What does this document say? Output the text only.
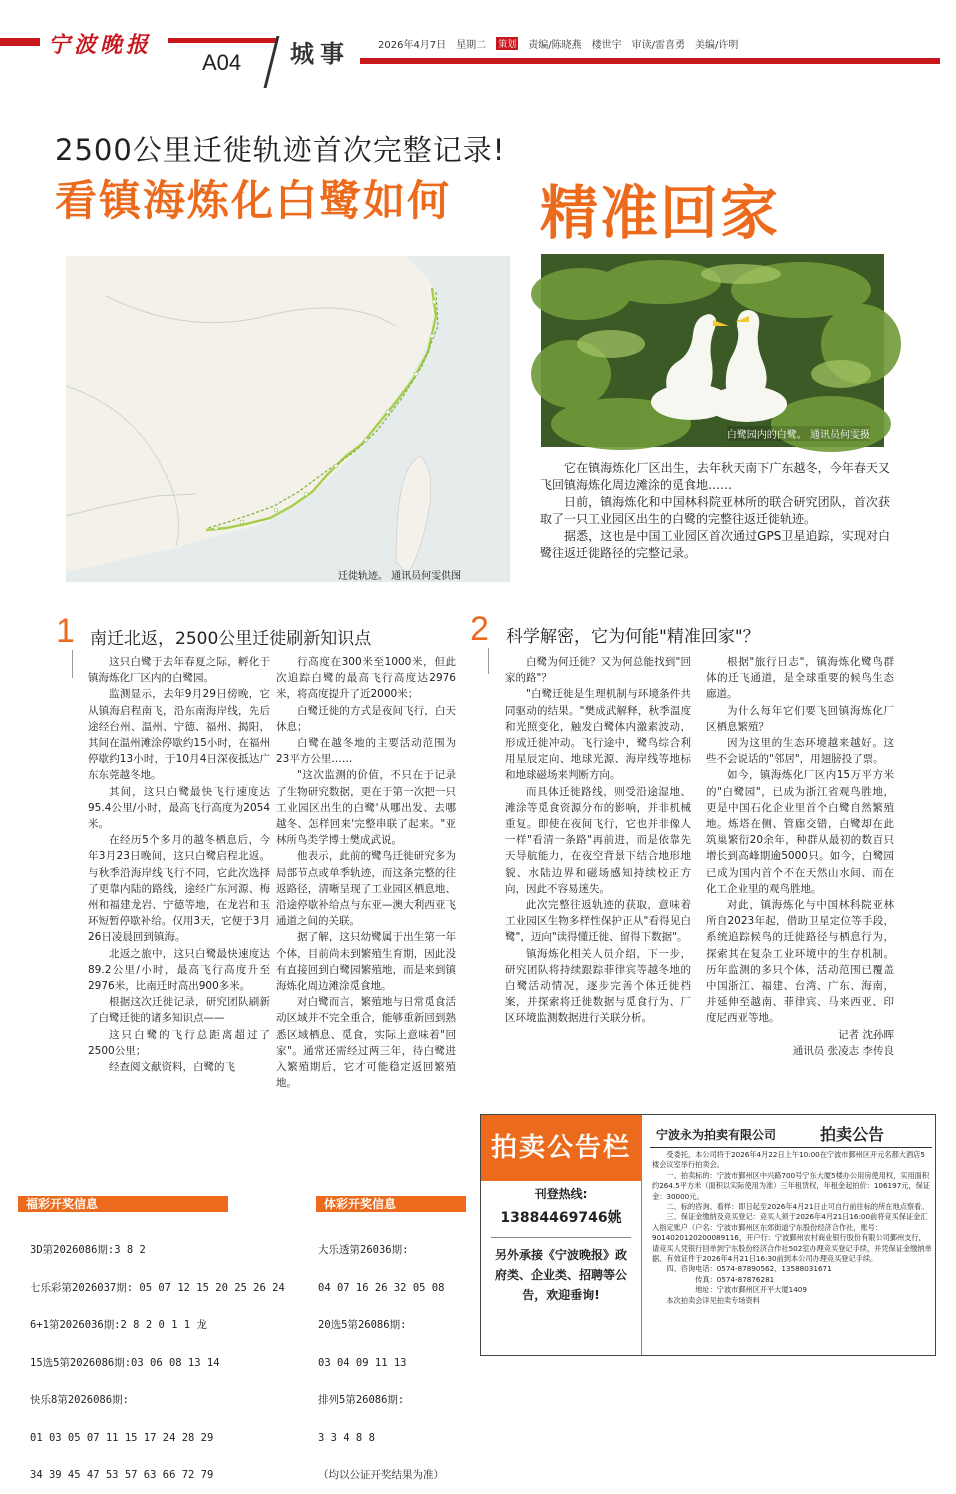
宁波晚报
A04 城事	2026年4月7日 星期二 策划 责编/陈晓燕 楼世宇 审读/雷喜勇 美编/许明
2500公里迁徙轨迹首次完整记录!
看镇海炼化白鹭如何 精准回家
迁徙轨迹。 通讯员何雯供图
白鹭园内的白鹭。 通讯员何雯摄

它在镇海炼化厂区出生，去年秋天南下广东越冬，今年春天又飞回镇海炼化周边滩涂的觅食地……

日前，镇海炼化和中国林科院亚林所的联合研究团队，首次获取了一只工业园区出生的白鹭的完整往返迁徙轨迹。

据悉，这也是中国工业园区首次通过GPS卫星追踪，实现对白鹭往返迁徙路径的完整记录。

1 南迁北返，2500公里迁徙刷新知识点

这只白鹭于去年春夏之际，孵化于镇海炼化厂区内的白鹭园。

监测显示，去年9月29日傍晚，它从镇海启程南飞，沿东南海岸线，先后途经台州、温州、宁德、福州、揭阳，其间在温州滩涂停歇约15小时，在福州停歇约13小时，于10月4日深夜抵达广东东莞越冬地。

其间，这只白鹭最快飞行速度达95.4公里/小时，最高飞行高度为2054米。

在经历5个多月的越冬栖息后，今年3月23日晚间，这只白鹭启程北返。与秋季沿海岸线飞行不同，它此次选择了更靠内陆的路线，途经广东河源、梅州和福建龙岩、宁德等地，在龙岩和玉环短暂停歇补给。仅用3天，它便于3月26日凌晨回到镇海。

北返之旅中，这只白鹭最快速度达89.2公里/小时，最高飞行高度升至2976米，比南迁时高出900多米。

根据这次迁徙记录，研究团队刷新了白鹭迁徙的诸多知识点——

这只白鹭的飞行总距离超过了2500公里；

经查阅文献资料，白鹭的飞

行高度在300米至1000米，但此次追踪白鹭的最高飞行高度达2976米，将高度提升了近2000米；

白鹭迁徙的方式是夜间飞行，白天休息；

白鹭在越冬地的主要活动范围为23平方公里……

"这次监测的价值，不只在于记录了生物研究数据，更在于第一次把一只工业园区出生的白鹭'从哪出发、去哪越冬、怎样回来'完整串联了起来。"亚林所鸟类学博士樊成武说。

他表示，此前的鹭鸟迁徙研究多为局部节点或单季轨迹，而这条完整的往返路径，清晰呈现了工业园区栖息地、沿途停歇补给点与东亚—澳大利西亚飞通道之间的关联。

据了解，这只幼鹭属于出生第一年个体，目前尚未到繁殖生育期，因此没有直接回到白鹭园繁殖地，而是来到镇海炼化周边滩涂觅食地。

对白鹭而言，繁殖地与日常觅食活动区域并不完全重合，能够重新回到熟悉区域栖息、觅食，实际上意味着"回家"。通常还需经过两三年，待白鹭进入繁殖期后，它才可能稳定返回繁殖地。

2 科学解密，它为何能"精准回家"？

白鹭为何迁徙？又为何总能找到"回家的路"？

"白鹭迁徙是生理机制与环境条件共同驱动的结果。"樊成武解释，秋季温度和光照变化，触发白鹭体内激素波动，形成迁徙冲动。飞行途中，鹭鸟综合利用星辰定向、地球光源、海岸线等地标和地球磁场来判断方向。

而具体迁徙路线，则受沿途湿地、滩涂等觅食资源分布的影响，并非机械重复。即使在夜间飞行，它也并非像人一样"看清一条路"再前进，而是依靠先天导航能力，在夜空背景下结合地形地貌、水陆边界和磁场感知持续校正方向，因此不容易迷失。

此次完整往返轨迹的获取，意味着工业园区生物多样性保护正从"看得见白鹭"，迈向"读得懂迁徙、留得下数据"。

镇海炼化相关人员介绍，下一步，研究团队将持续跟踪菲律宾等越冬地的白鹭活动情况，逐步完善个体迁徙档案，并探索将迁徙数据与觅食行为、厂区环境监测数据进行关联分析。

根据"旅行日志"，镇海炼化鹭鸟群体的迁飞通道，是全球重要的候鸟生态廊道。

为什么每年它们要飞回镇海炼化厂区栖息繁殖？

因为这里的生态环境越来越好。这些不会说话的"邻居"，用翅膀投了票。

如今，镇海炼化厂区内15万平方米的"白鹭园"，已成为浙江省观鸟胜地，更是中国石化企业里首个白鹭自然繁殖地。炼塔在侧、管廊交错，白鹭却在此筑巢繁衍20余年，种群从最初的数百只增长到高峰期逾5000只。如今，白鹭园已成为国内首个不在天然山水间、而在化工企业里的观鸟胜地。

对此，镇海炼化与中国林科院亚林所自2023年起，借助卫星定位等手段，系统追踪候鸟的迁徙路径与栖息行为，探索其在复杂工业环境中的生存机制。历年监测的多只个体，活动范围已覆盖中国浙江、福建、台湾、广东、海南，并延伸至越南、菲律宾、马来西亚、印度尼西亚等地。

记者 沈孙晖

通讯员 张凌志 李传良

福彩开奖信息

3D第2026086期:3 8 2

七乐彩第2026037期: 05 07 12 15 20 25 26 24

6+1第2026036期:2 8 2 0 1 1 龙

15选5第2026086期:03 06 08 13 14

快乐8第2026086期:

01 03 05 07 11 15 17 24 28 29

34 39 45 47 53 57 63 66 72 79

体彩开奖信息

大乐透第26036期:

04 07 16 26 32 05 08

20选5第26086期:

03 04 09 11 13

排列5第26086期:

3 3 4 8 8

（均以公证开奖结果为准）

拍卖公告栏
刊登热线:
13884469746姚
另外承接《宁波晚报》政府类、企业类、招聘等公告，欢迎垂询!
宁波永为拍卖有限公司	拍卖公告

受委托，本公司将于2026年4月22日上午10:00在宁波市鄞州区开元名都大酒店5楼会议室举行拍卖会。

一、拍卖标的：宁波市鄞州区中兴路700号宁东大厦5楼办公用房使用权，实用面积约264.5平方米（面积以实际使用为准）三年租赁权，年租金起拍价：106197元，保证金：30000元。

二、标的咨询、看样：即日起至2026年4月21日止可自行前往标的所在地点察看。

三、保证金缴纳及竞买登记：竞买人须于2026年4月21日16:00前将竞买保证金汇入指定账户（户名：宁波市鄞州区东郊街道宁东股份经济合作社，账号：9014020120200089116，开户行：宁波鄞州农村商业银行股份有限公司鄞州支行，请竞买人凭银行回单到宁东股份经济合作社502室办理竞买登记手续，并凭保证金缴纳单据、有效证件于2026年4月21日16:30前到本公司办理竞买登记手续。

四、咨询电话：0574-87890562、13588031671

传真：0574-87876281

地址：宁波市鄞州区开平大厦1409

本次拍卖会详见拍卖专场资料
